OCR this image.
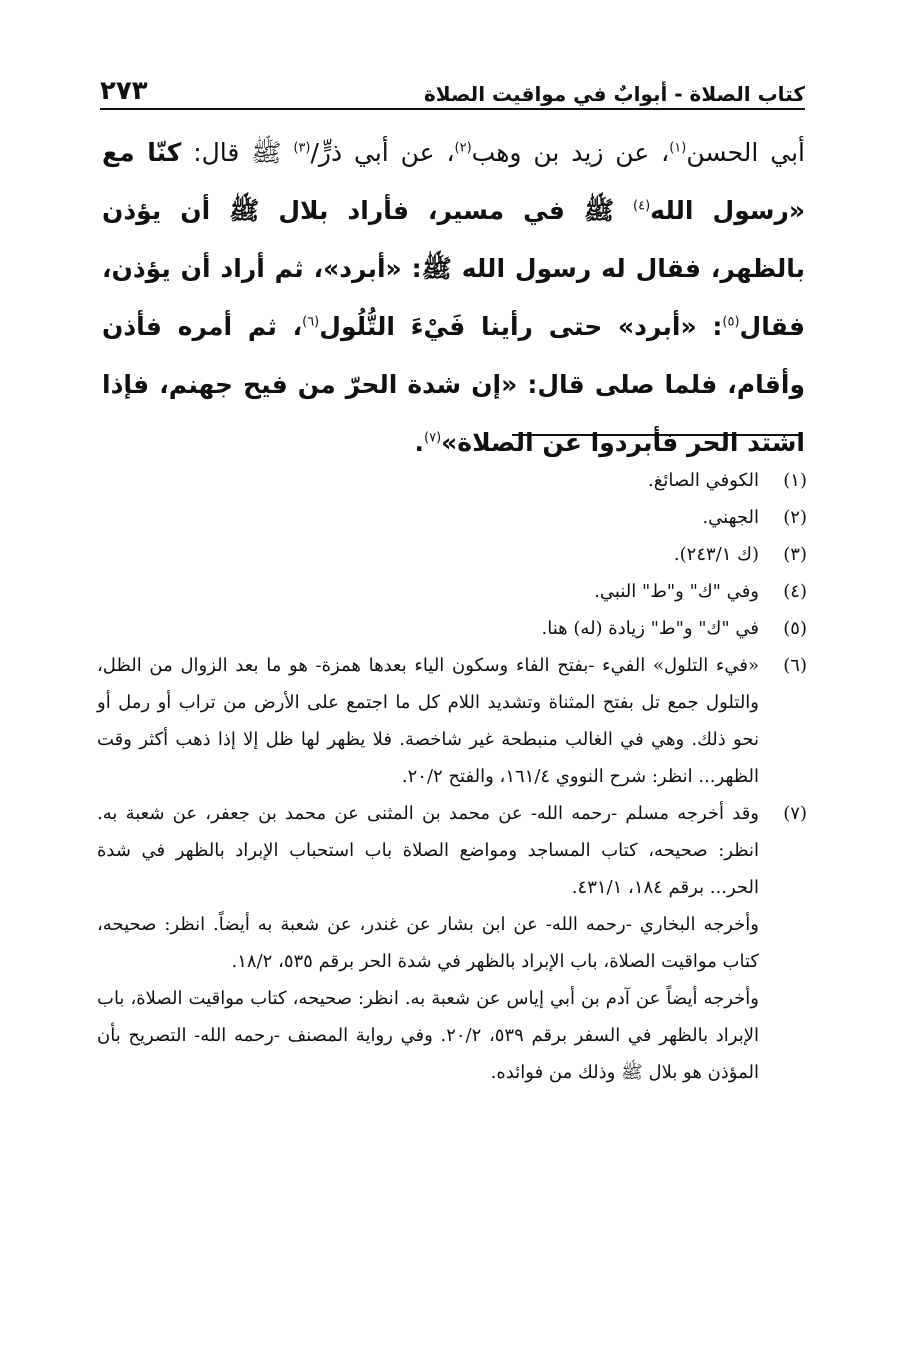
كتاب الصلاة - أبوابٌ في مواقيت الصلاة
٢٧٣
أبي الحسن$^{(١)}$، عن زيد بن وهب$^{(٢)}$، عن أبي ذرٍّ/$^{(٣)}$ ﷺ قال: كنّا مع «رسول الله$^{(٤)}$ ﷺ في مسير، فأراد بلال ﷺ أن يؤذن بالظهر، فقال له رسول الله ﷺ: «أبرد»، ثم أراد أن يؤذن، فقال$^{(٥)}$: «أبرد» حتى رأينا فَيْءَ التُّلُول$^{(٦)}$، ثم أمره فأذن وأقام، فلما صلى قال: «إن شدة الحرّ من فيح جهنم، فإذا اشتد الحر فأبردوا عن الصلاة»$^{(٧)}$.

(١)
الكوفي الصائغ.

(٢)
الجهني.

(٣)
(ك ٢٤٣/١).

(٤)
وفي "ك" و"ط" النبي.

(٥)
في "ك" و"ط" زيادة (له) هنا.

(٦)
«فيء التلول» الفيء -بفتح الفاء وسكون الياء بعدها همزة- هو ما بعد الزوال من الظل، والتلول جمع تل بفتح المثناة وتشديد اللام كل ما اجتمع على الأرض من تراب أو رمل أو نحو ذلك. وهي في الغالب منبطحة غير شاخصة. فلا يظهر لها ظل إلا إذا ذهب أكثر وقت الظهر... انظر: شرح النووي ١٦١/٤، والفتح ٢٠/٢.

(٧)
وقد أخرجه مسلم -رحمه الله- عن محمد بن المثنى عن محمد بن جعفر، عن شعبة به. انظر: صحيحه، كتاب المساجد ومواضع الصلاة باب استحباب الإبراد بالظهر في شدة الحر... برقم ١٨٤، ٤٣١/١.

وأخرجه البخاري -رحمه الله- عن ابن بشار عن غندر، عن شعبة به أيضاً. انظر: صحيحه، كتاب مواقيت الصلاة، باب الإبراد بالظهر في شدة الحر برقم ٥٣٥، ١٨/٢.

وأخرجه أيضاً عن آدم بن أبي إياس عن شعبة به. انظر: صحيحه، كتاب مواقيت الصلاة، باب الإبراد بالظهر في السفر برقم ٥٣٩، ٢٠/٢. وفي رواية المصنف -رحمه الله- التصريح بأن المؤذن هو بلال ﷺ وذلك من فوائده.
